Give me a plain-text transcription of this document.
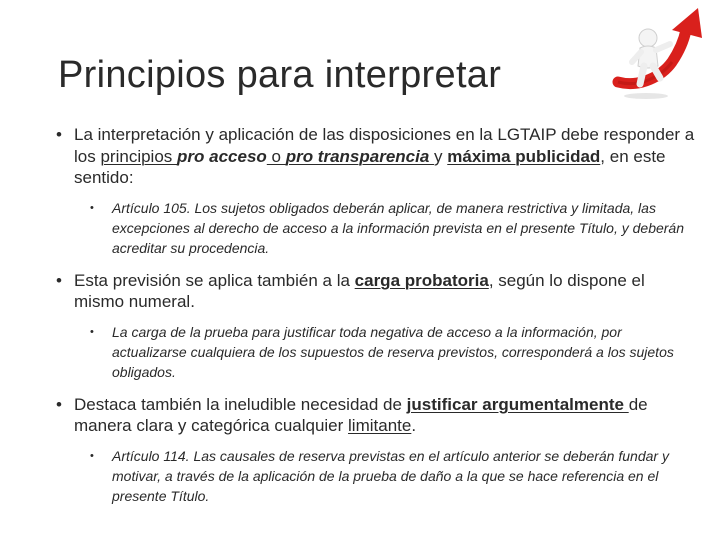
Principios para interpretar
• La interpretación y aplicación de las disposiciones en la LGTAIP debe responder a los principios pro acceso o pro transparencia y máxima publicidad, en este sentido:
• Artículo 105. Los sujetos obligados deberán aplicar, de manera restrictiva y limitada, las excepciones al derecho de acceso a la información prevista en el presente Título, y deberán acreditar su procedencia.
• Esta previsión se aplica también a la carga probatoria, según lo dispone el mismo numeral.
• La carga de la prueba para justificar toda negativa de acceso a la información, por actualizarse cualquiera de los supuestos de reserva previstos, corresponderá a los sujetos obligados.
• Destaca también la ineludible necesidad de justificar argumentalmente de manera clara y categórica cualquier limitante.
• Artículo 114. Las causales de reserva previstas en el artículo anterior se deberán fundar y motivar, a través de la aplicación de la prueba de daño a la que se hace referencia en el presente Título.
